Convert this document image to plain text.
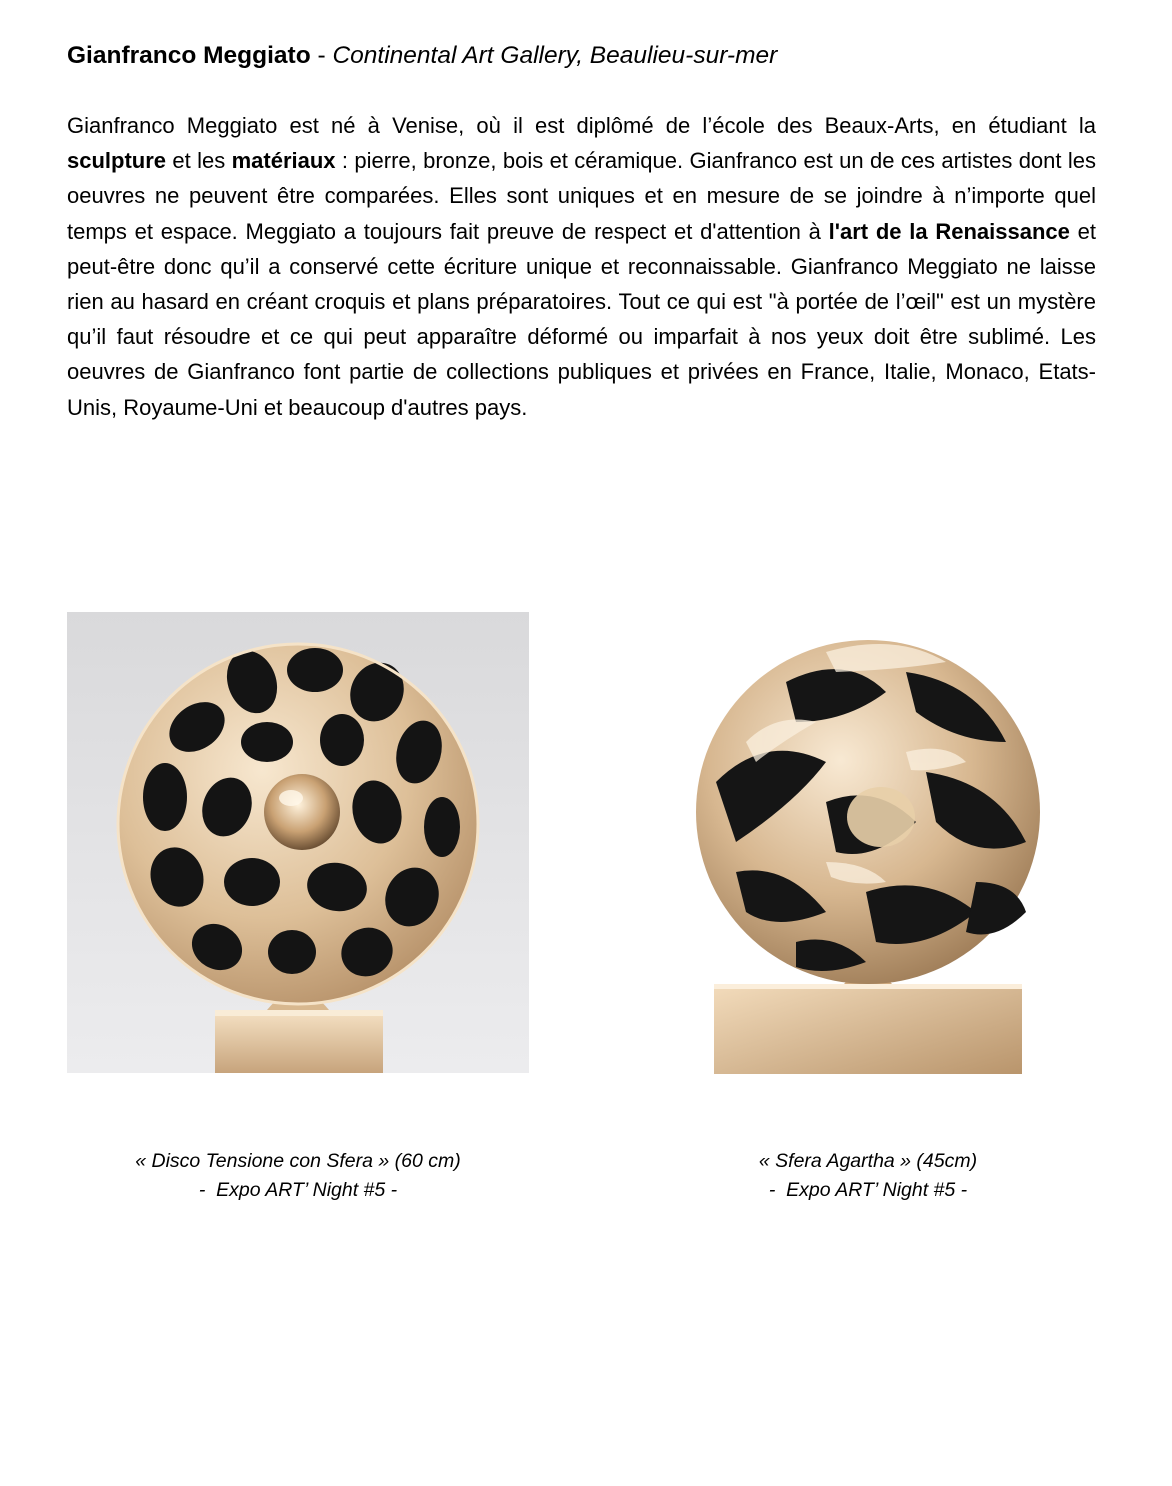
Gianfranco Meggiato - Continental Art Gallery, Beaulieu-sur-mer

Gianfranco Meggiato est né à Venise, où il est diplômé de l’école des Beaux-Arts, en étudiant la sculpture et les matériaux : pierre, bronze, bois et céramique. Gianfranco est un de ces artistes dont les oeuvres ne peuvent être comparées. Elles sont uniques et en mesure de se joindre à n’importe quel temps et espace. Meggiato a toujours fait preuve de respect et d'attention à l'art de la Renaissance et peut-être donc qu’il a conservé cette écriture unique et reconnaissable. Gianfranco Meggiato ne laisse rien au hasard en créant croquis et plans préparatoires. Tout ce qui est "à portée de l’œil" est un mystère qu’il faut résoudre et ce qui peut apparaître déformé ou imparfait à nos yeux doit être sublimé. Les oeuvres de Gianfranco font partie de collections publiques et privées en France, Italie, Monaco, Etats-Unis, Royaume-Uni et beaucoup d'autres pays.

« Disco Tensione con Sfera » (60 cm)
-  Expo ART’ Night #5 -
« Sfera Agartha » (45cm)
-  Expo ART’ Night #5 -
